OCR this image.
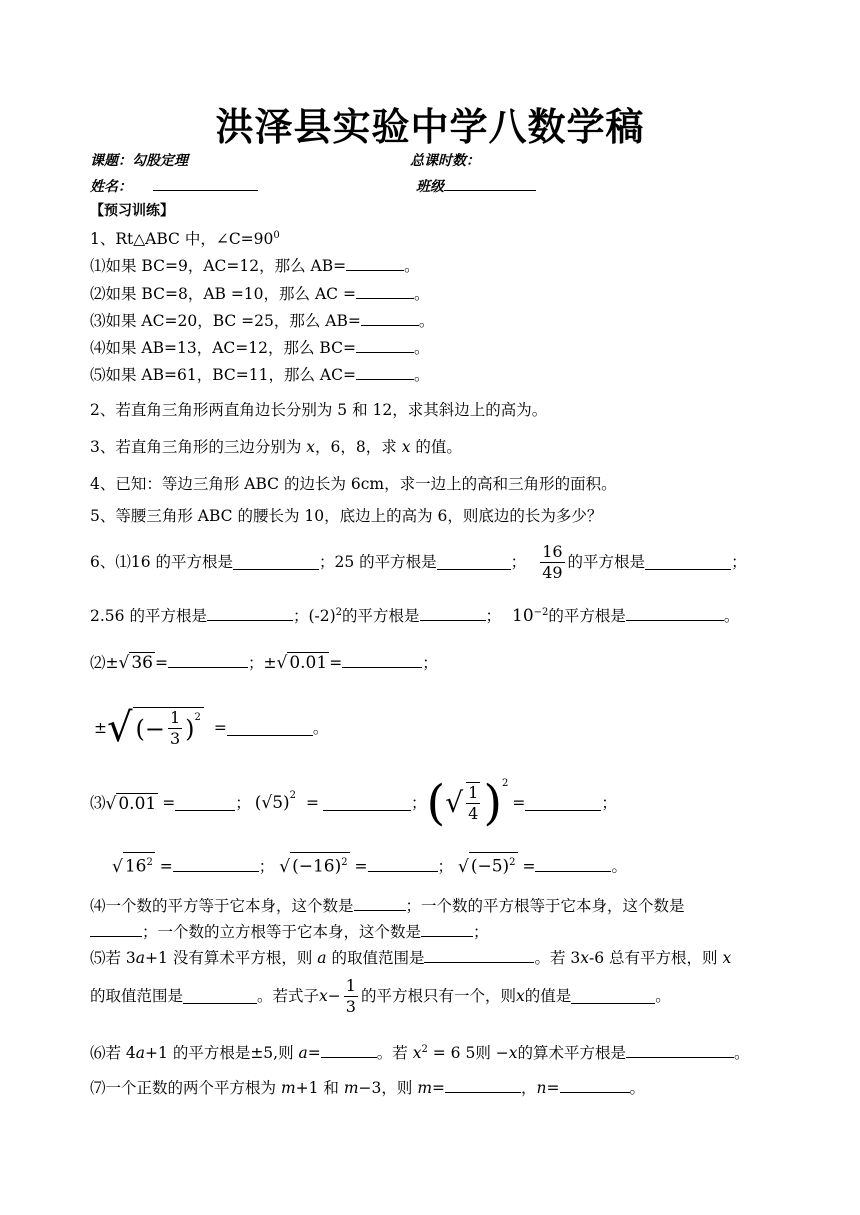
洪泽县实验中学八数学稿
课题：勾股定理	总课时数：
姓名：	班级
【预习训练】
1、Rt△ABC 中，$\angle C=90^0$
⑴如果 BC=9，AC=12，那么 AB=	。
⑵如果 BC=8，AB =10，那么 AC =	。
⑶如果 AC=20，BC =25，那么 AB=	。
⑷如果 AB=13，AC=12，那么 BC=	。
⑸如果 AB=61，BC=11，那么 AC=	。
2、若直角三角形两直角边长分别为 5 和 12，求其斜边上的高为。
3、若直角三角形的三边分别为 x，6，8，求 x 的值。
4、已知：等边三角形 ABC 的边长为 6cm，求一边上的高和三角形的面积。
5、等腰三角形 ABC 的腰长为 10，底边上的高为 6，则底边的长为多少？
6、⑴16 的平方根是	；25 的平方根是	； $\frac{16}{49}$ 的平方根是	；
2.56 的平方根是	；$(-2)^2$的平方根是	； $10^{-2}$的平方根是	。
⑵±√ 36 =	；±√ 0.01 =	；
± √ (− $\frac{1}{3} )^2$
=	。
⑶ √ 0.01 =	； $(√5)^2$ =	； ( √ $\frac{1}{4} )^2$
=	；
√ $16^2$ =	； √ $(-16)^2$ =	； √ $(-5)^2$ =	。
⑷一个数的平方等于它本身，这个数是	；一个数的平方根等于它本身，这个数是
；一个数的立方根等于它本身，这个数是	；
⑸若 3a+1 没有算术平方根，则 a 的取值范围是	。若 3x-6 总有平方根，则 x
的取值范围是	。若式子 $x - \frac{1}{3}$ 的平方根只有一个，则 x 的值是	。
⑹若 4a+1 的平方根是±5,则 a=	。若 $x^2 = 6$ 5则 −x的算术平方根是	。
⑺一个正数的两个平方根为 m+1 和 m−3，则 m=	，n=	。
